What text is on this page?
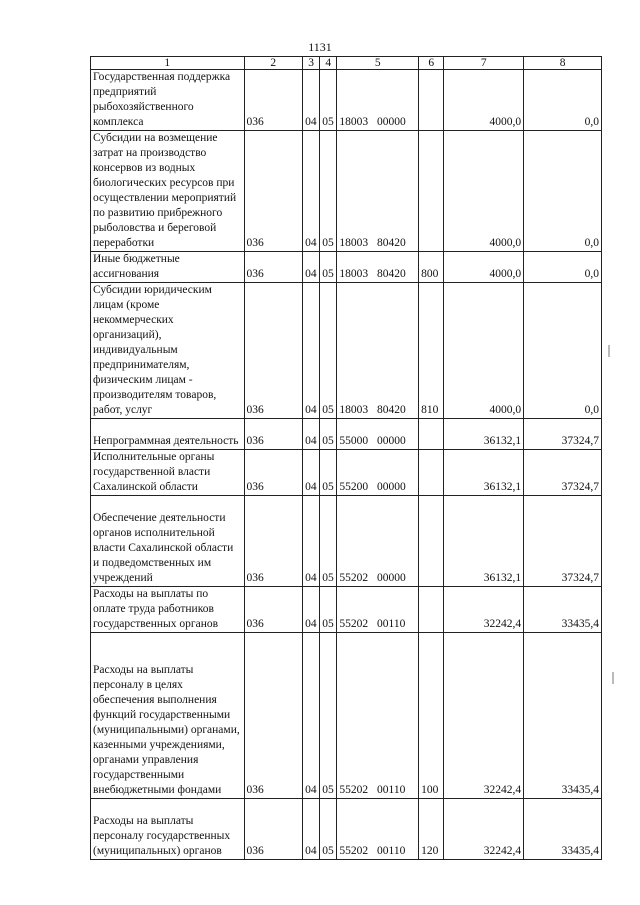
1131
1	2	3	4	5	6	7	8
Государственная поддержка предприятий рыбохозяйственного комплекса	036	04	05	18003 00000		4000,0	0,0
Субсидии на возмещение затрат на производство консервов из водных биологических ресурсов при осуществлении мероприятий по развитию прибрежного рыболовства и береговой переработки	036	04	05	18003 80420		4000,0	0,0
Иные бюджетные ассигнования	036	04	05	18003 80420	800	4000,0	0,0
Субсидии юридическим лицам (кроме некоммерческих организаций), индивидуальным предпринимателям, физическим лицам - производителям товаров, работ, услуг	036	04	05	18003 80420	810	4000,0	0,0
Непрограммная деятельность	036	04	05	55000 00000		36132,1	37324,7
Исполнительные органы государственной власти Сахалинской области	036	04	05	55200 00000		36132,1	37324,7
Обеспечение деятельности органов исполнительной власти Сахалинской области и подведомственных им учреждений	036	04	05	55202 00000		36132,1	37324,7
Расходы на выплаты по оплате труда работников государственных органов	036	04	05	55202 00110		32242,4	33435,4
Расходы на выплаты персоналу в целях обеспечения выполнения функций государственными (муниципальными) органами, казенными учреждениями, органами управления государственными внебюджетными фондами	036	04	05	55202 00110	100	32242,4	33435,4
Расходы на выплаты персоналу государственных (муниципальных) органов	036	04	05	55202 00110	120	32242,4	33435,4
